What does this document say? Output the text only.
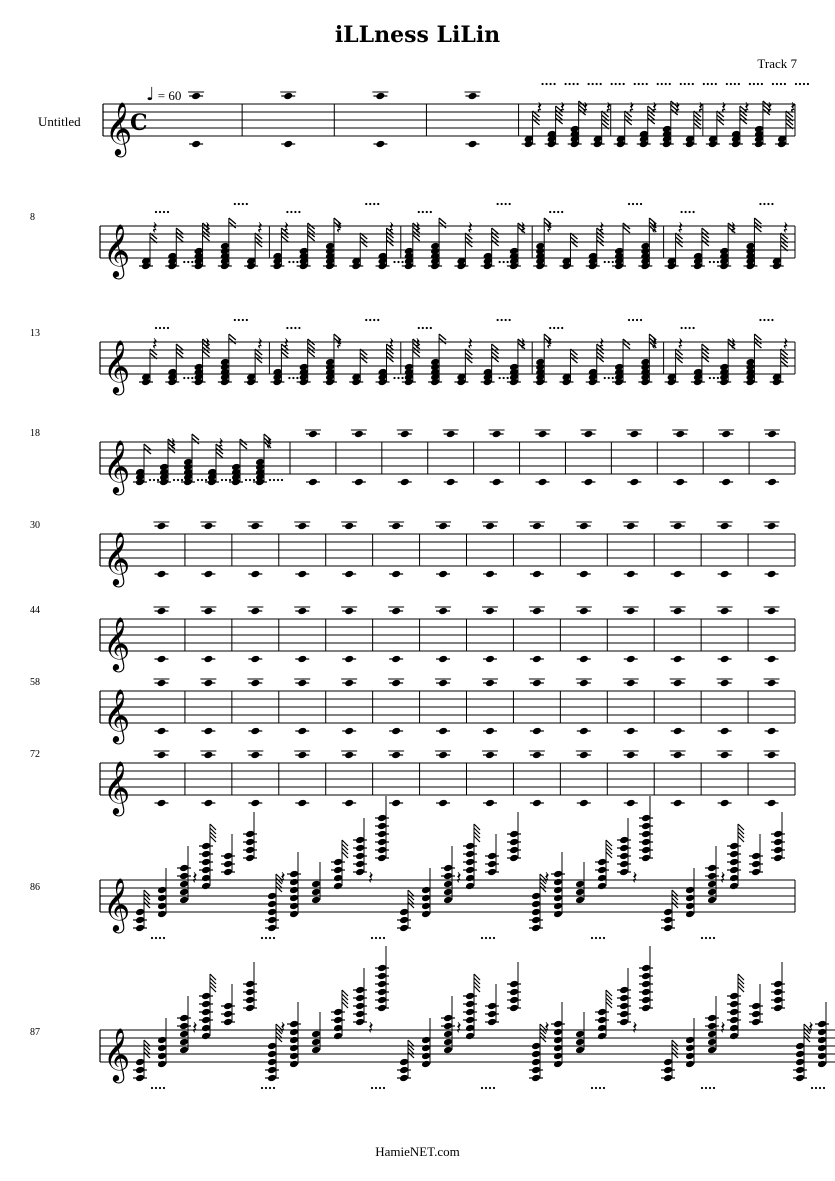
iLLness LiLin
Track 7
Untitled
♩ = 60
8
13
18
30
44
58
72
86
87
𝄞
C
𝄽 𝄽 𝄽 𝄽 𝄽 𝄽 𝄽 𝄽 𝄽 𝄽 𝄽 𝄽
𝄞 𝄽	𝄽	𝄽 𝄽	𝄽	𝄽 𝄽	𝄽	𝄽 𝄽	𝄽	𝄽 𝄽	𝄽	𝄽
𝄞 𝄽	𝄽	𝄽 𝄽	𝄽	𝄽 𝄽	𝄽	𝄽 𝄽	𝄽	𝄽 𝄽	𝄽	𝄽
𝄞 𝄽 𝄽 𝄽
𝄞
𝄞
𝄞
𝄞
𝄞	𝄽	𝄽	𝄽	𝄽	𝄽	𝄽	𝄽
𝄞	𝄽	𝄽	𝄽	𝄽	𝄽	𝄽	𝄽	𝄽
HamieNET.com
